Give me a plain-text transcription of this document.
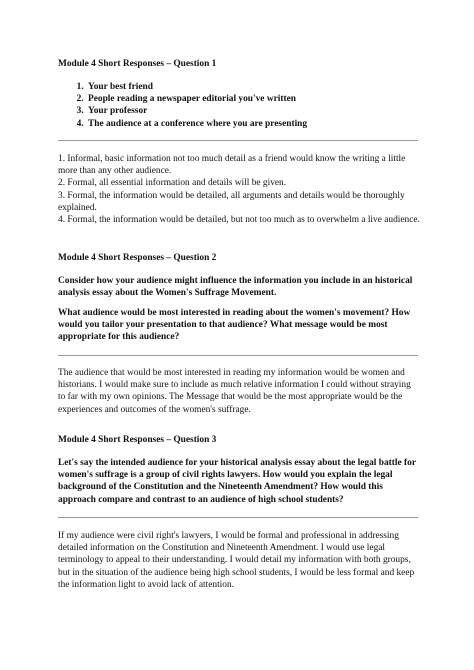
Module 4 Short Responses – Question 1
1. Your best friend
2. People reading a newspaper editorial you've written
3. Your professor
4. The audience at a conference where you are presenting

1. Informal, basic information not too much detail as a friend would know the writing a little more than any other audience.

2. Formal, all essential information and details will be given.

3. Formal, the information would be detailed, all arguments and details would be thoroughly explained.

4. Formal, the information would be detailed, but not too much as to overwhelm a live audience.

Module 4 Short Responses – Question 2
Consider how your audience might influence the information you include in an historical analysis essay about the Women's Suffrage Movement.
What audience would be most interested in reading about the women's movement? How would you tailor your presentation to that audience? What message would be most appropriate for this audience?
The audience that would be most interested in reading my information would be women and historians. I would make sure to include as much relative information I could without straying to far with my own opinions. The Message that would be the most appropriate would be the experiences and outcomes of the women's suffrage.
Module 4 Short Responses – Question 3
Let's say the intended audience for your historical analysis essay about the legal battle for women's suffrage is a group of civil rights lawyers. How would you explain the legal background of the Constitution and the Nineteenth Amendment? How would this approach compare and contrast to an audience of high school students?
If my audience were civil right's lawyers, I would be formal and professional in addressing detailed information on the Constitution and Nineteenth Amendment. I would use legal terminology to appeal to their understanding. I would detail my information with both groups, but in the situation of the audience being high school students, I would be less formal and keep the information light to avoid lack of attention.
